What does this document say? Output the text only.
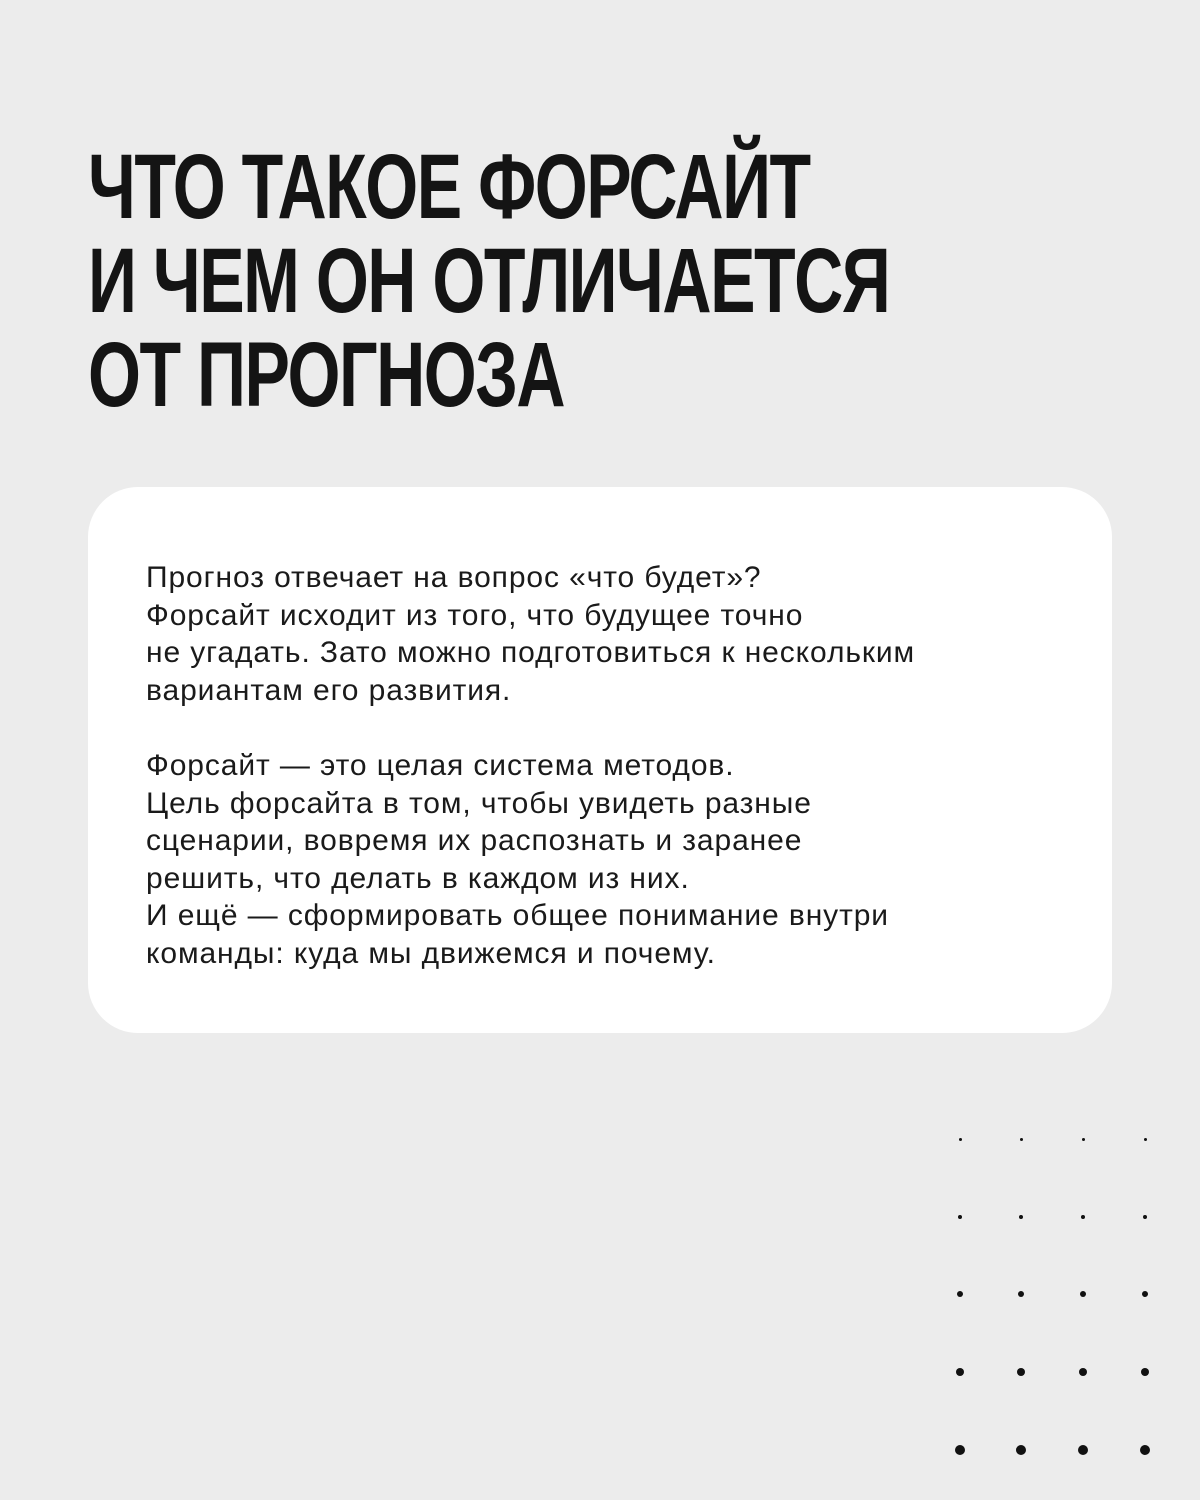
ЧТО ТАКОЕ ФОРСАЙТ
И ЧЕМ ОН ОТЛИЧАЕТСЯ
ОТ ПРОГНОЗА

Прогноз отвечает на вопрос «что будет»?
Форсайт исходит из того, что будущее точно
не угадать. Зато можно подготовиться к нескольким
вариантам его развития.

Форсайт — это целая система методов.
Цель форсайта в том, чтобы увидеть разные
сценарии, вовремя их распознать и заранее
решить, что делать в каждом из них.
И ещё — сформировать общее понимание внутри
команды: куда мы движемся и почему.
